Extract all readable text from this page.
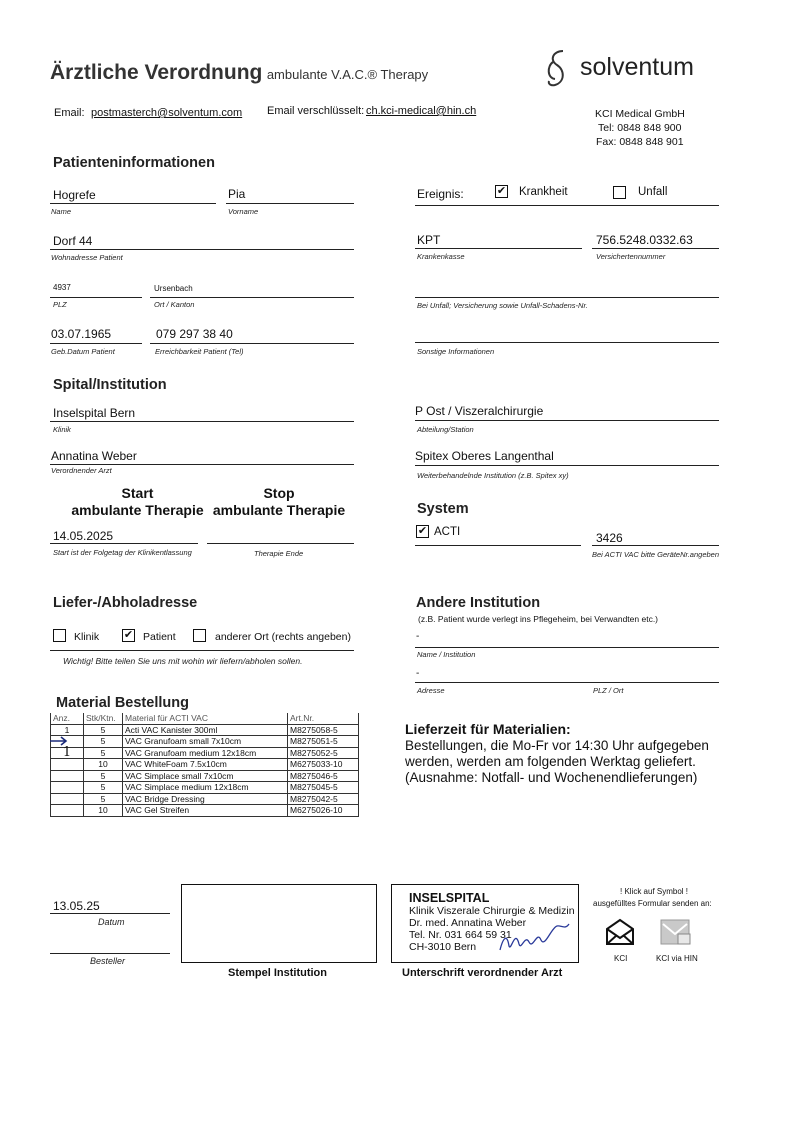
Ärztliche Verordnung ambulante V.A.C.® Therapy	solventum
Email: postmasterch@solventum.com Email verschlüsselt: ch.kci-medical@hin.ch	KCI Medical GmbH
Tel: 0848 848 900
Fax: 0848 848 901
Patienteninformationen
Hogrefe
Name
Pia
Vorname
Dorf 44
Wohnadresse Patient
4937
PLZ
Ursenbach
Ort / Kanton
03.07.1965
Geb.Datum Patient
079 297 38 40
Erreichbarkeit Patient (Tel)
Ereignis:	✔ Krankheit	Unfall
KPT
Krankenkasse
756.5248.0332.63
Versichertennummer
Bei Unfall; Versicherung sowie Unfall-Schadens-Nr.
Sonstige Informationen
Spital/Institution
Inselspital Bern
Klinik
P Ost / Viszeralchirurgie
Abteilung/Station
Annatina Weber
Verordnender Arzt
Spitex Oberes Langenthal
Weiterbehandelnde Institution (z.B. Spitex xy)
Start
ambulante Therapie
Stop
ambulante Therapie
14.05.2025
Start ist der Folgetag der Klinikentlassung	Therapie Ende
System
✔ ACTI	3426
Bei ACTI VAC bitte GeräteNr.angeben
Liefer-/Abholadresse
Klinik ✔ Patient	anderer Ort (rechts angeben)
Wichtig! Bitte teilen Sie uns mit wohin wir liefern/abholen sollen.
Andere Institution
(z.B. Patient wurde verlegt ins Pflegeheim, bei Verwandten etc.)
-
Name / Institution
-
Adresse	PLZ / Ort
Material Bestellung
Anz.	Stk/Ktn.	Material für ACTI VAC	Art.Nr.
1	5	Acti VAC Kanister 300ml	M8275058-5
	5	VAC Granufoam small 7x10cm	M8275051-5
1	5	VAC Granufoam medium 12x18cm	M8275052-5
	10	VAC WhiteFoam 7.5x10cm	M6275033-10
	5	VAC Simplace small 7x10cm	M8275046-5
	5	VAC Simplace medium 12x18cm	M8275045-5
	5	VAC Bridge Dressing	M8275042-5
	10	VAC Gel Streifen	M6275026-10
Lieferzeit für Materialien:
Bestellungen, die Mo-Fr vor 14:30 Uhr aufgegeben
werden, werden am folgenden Werktag geliefert.
(Ausnahme: Notfall- und Wochenendlieferungen)
13.05.25
Datum
Besteller
Stempel Institution
INSELSPITAL
Klinik Viszerale Chirurgie & Medizin
Dr. med. Annatina Weber
Tel. Nr. 031 664 59 31
CH-3010 Bern
Unterschrift verordnender Arzt
! Klick auf Symbol !
ausgefülltes Formular senden an:
KCI	KCI via HIN
